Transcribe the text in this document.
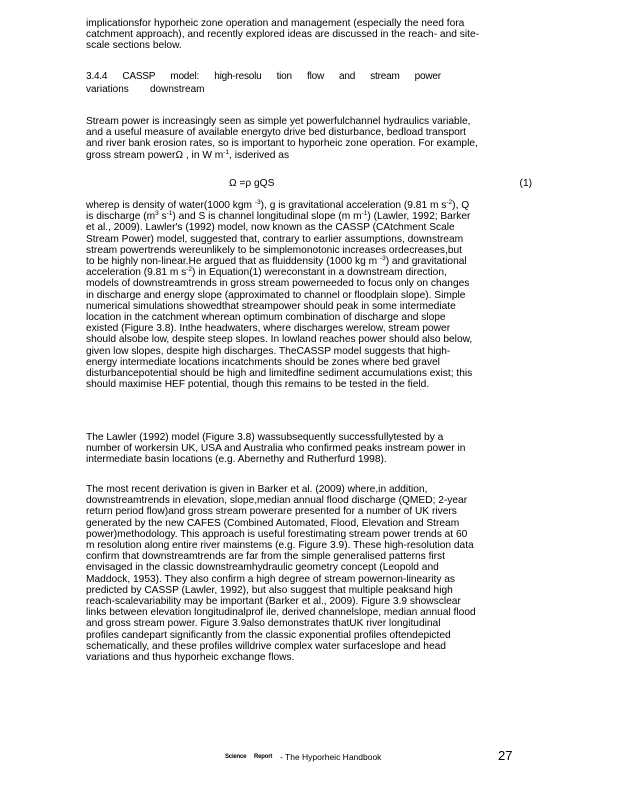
implicationsfor hyporheic zone operation and management (especially the need fora

catchment approach), and recently explored ideas are discussed in the reach- and site-

scale sections below.

3.4.4 CASSP model: high-resolu tion flow and stream power
variations	downstream

Stream power is increasingly seen as simple yet powerfulchannel hydraulics variable,

and a useful measure of available energyto drive bed disturbance, bedload transport

and river bank erosion rates, so is important to hyporheic zone operation. For example,

gross stream powerΩ , in W $m^{-1}$, isderived as

Ω =ρ gQS	(1)

whereρ is density of water(1000 kgm $^{-3}$), g is gravitational acceleration (9.81 m $s^{-2}$), Q

is discharge ($m^3$ $s^{-1}$) and S is channel longitudinal slope (m $m^{-1}$) (Lawler, 1992; Barker

et al., 2009). Lawler's (1992) model, now known as the CASSP (CAtchment Scale

Stream Power) model, suggested that, contrary to earlier assumptions, downstream

stream powertrends wereunlikely to be simplemonotonic increases ordecreases,but

to be highly non-linear.He argued that as fluiddensity (1000 kg m $^{-3}$) and gravitational

acceleration (9.81 m $s^{-2}$) in Equation(1) wereconstant in a downstream direction,

models of downstreamtrends in gross stream powerneeded to focus only on changes

in discharge and energy slope (approximated to channel or floodplain slope). Simple

numerical simulations showedthat streampower should peak in some intermediate

location in the catchment wherean optimum combination of discharge and slope

existed (Figure 3.8). Inthe headwaters, where discharges werelow, stream power

should alsobe low, despite steep slopes. In lowland reaches power should also below,

given low slopes, despite high discharges. TheCASSP model suggests that high-

energy intermediate locations incatchments should be zones where bed gravel

disturbancepotential should be high and limitedfine sediment accumulations exist; this

should maximise HEF potential, though this remains to be tested in the field.

The Lawler (1992) model (Figure 3.8) wassubsequently successfullytested by a

number of workersin UK, USA and Australia who confirmed peaks instream power in

intermediate basin locations (e.g. Abernethy and Rutherfurd 1998).

The most recent derivation is given in Barker et al. (2009) where,in addition,

downstreamtrends in elevation, slope,median annual flood discharge (QMED; 2-year

return period flow)and gross stream powerare presented for a number of UK rivers

generated by the new CAFES (Combined Automated, Flood, Elevation and Stream

power)methodology. This approach is useful forestimating stream power trends at 60

m resolution along entire river mainstems (e.g. Figure 3.9). These high-resolution data

confirm that downstreamtrends are far from the simple generalised patterns first

envisaged in the classic downstreamhydraulic geometry concept (Leopold and

Maddock, 1953). They also confirm a high degree of stream powernon-linearity as

predicted by CASSP (Lawler, 1992), but also suggest that multiple peaksand high

reach-scalevariability may be important (Barker et al., 2009). Figure 3.9 showsclear

links between elevation longitudinalprof ile, derived channelslope, median annual flood

and gross stream power. Figure 3.9also demonstrates thatUK river longitudinal

profiles candepart significantly from the classic exponential profiles oftendepicted

schematically, and these profiles willdrive complex water surfaceslope and head

variations and thus hyporheic exchange flows.

Science Report - The Hyporheic Handbook	27
